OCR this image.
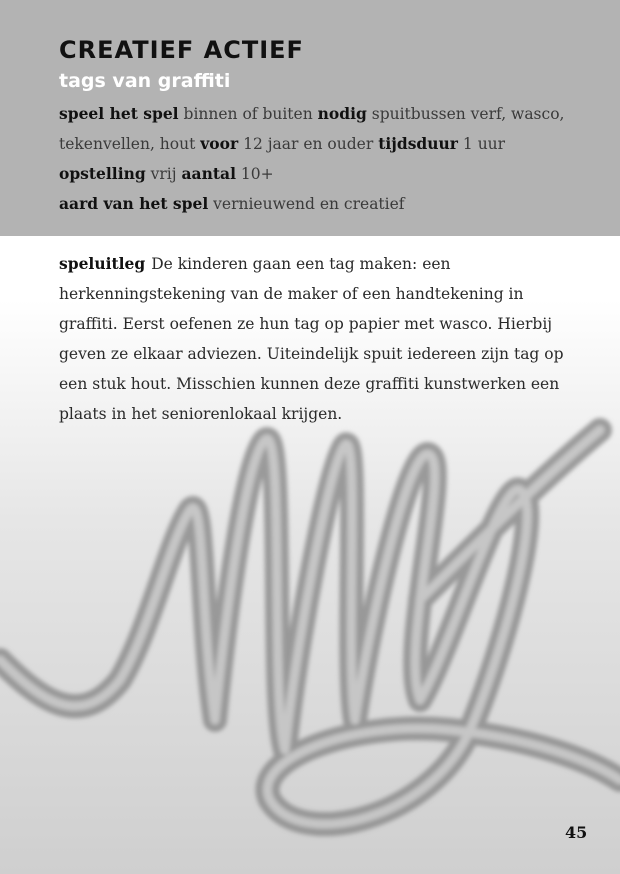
CREATIEF ACTIEF
tags van graffiti
speel het spel binnen of buiten nodig spuitbussen verf, wasco, tekenvellen, hout voor 12 jaar en ouder tijdsduur 1 uur
opstelling vrij aantal 10+
aard van het spel vernieuwend en creatief

speluitleg De kinderen gaan een tag maken: een herkenningstekening van de maker of een handtekening in graffiti. Eerst oefenen ze hun tag op papier met wasco. Hierbij geven ze elkaar adviezen. Uiteindelijk spuit iedereen zijn tag op een stuk hout. Misschien kunnen deze graffiti kunstwerken een plaats in het seniorenlokaal krijgen.

45
